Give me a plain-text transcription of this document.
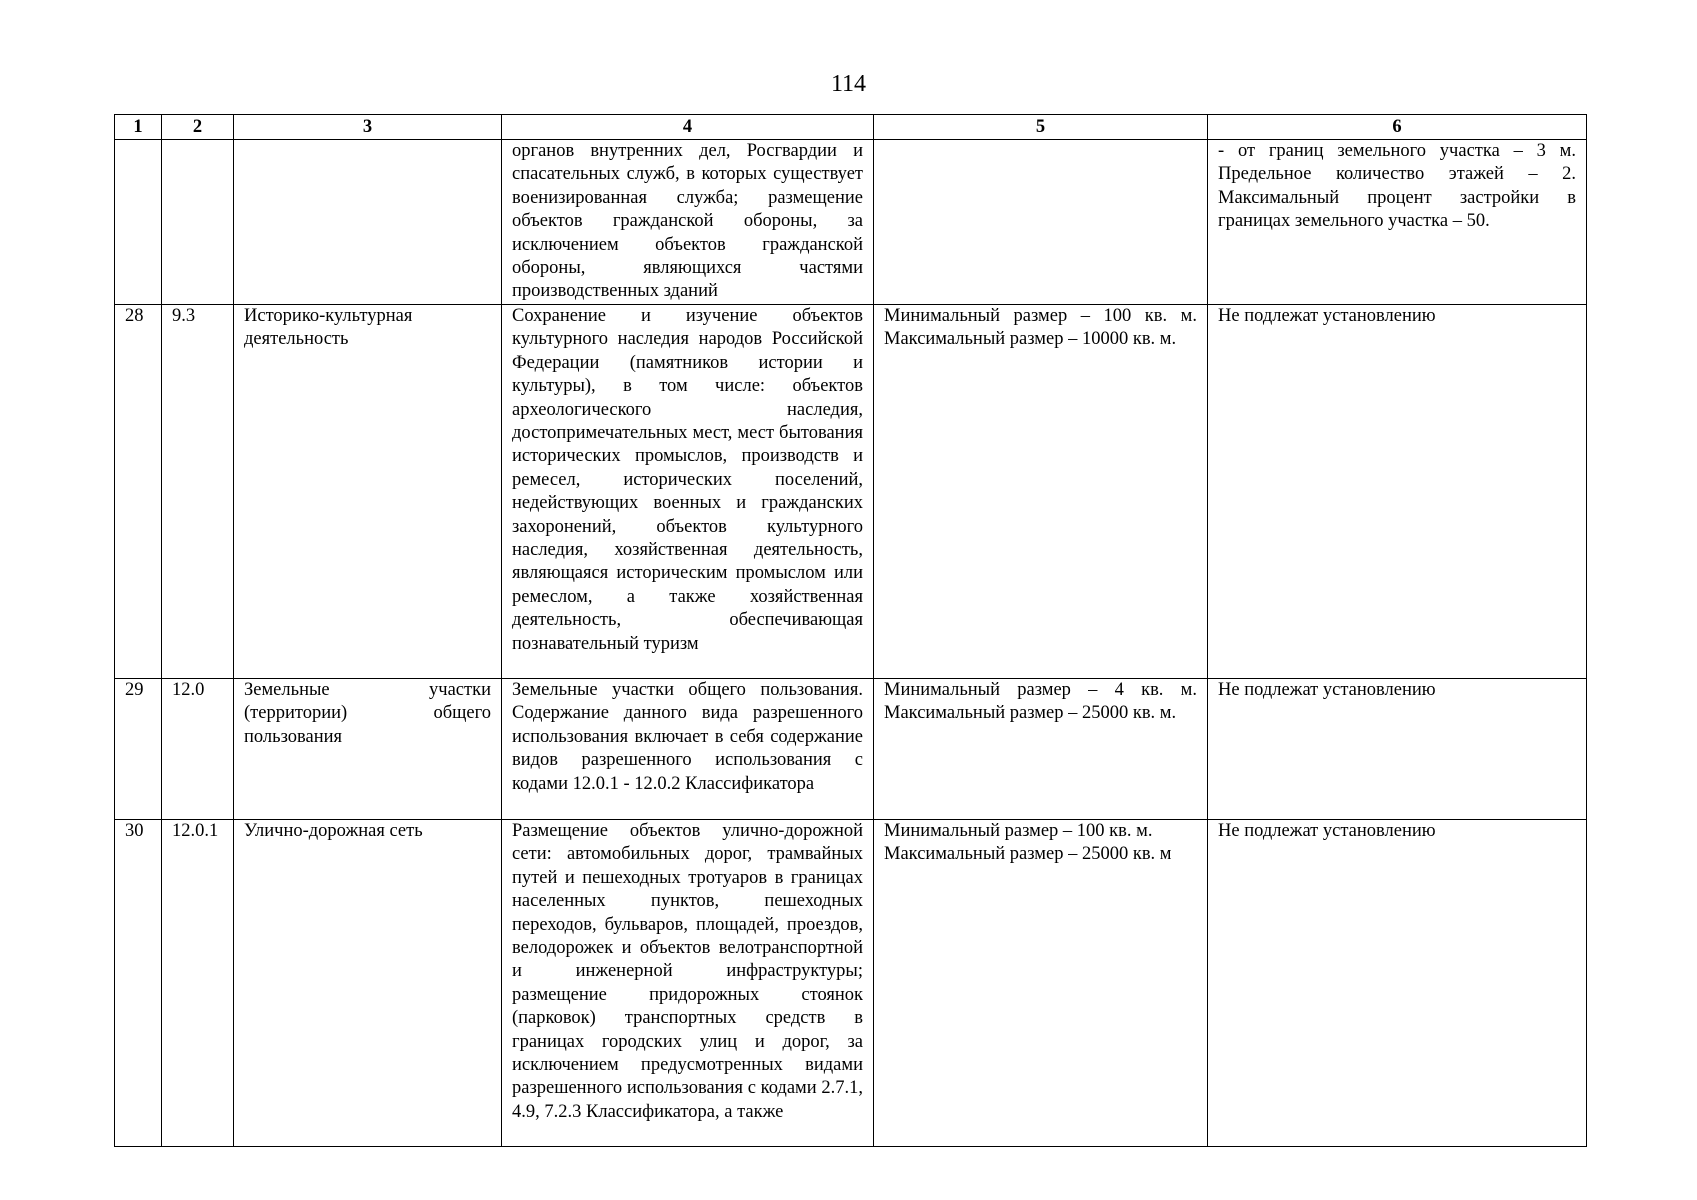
114
1	2	3	4	5	6
			органов внутренних дел, Росгвардии и спасательных служб, в которых существует военизированная служба; размещение объектов гражданской обороны, за исключением объектов гражданской обороны, являющихся частями производственных зданий		- от границ земельного участка – 3 м. Предельное количество этажей – 2. Максимальный процент застройки в границах земельного участка – 50.
28	9.3	Историко-культурная деятельность	Сохранение и изучение объектов культурного наследия народов Российской Федерации (памятников истории и культуры), в том числе: объектов археологического наследия, достопримечательных мест, мест бытования исторических промыслов, производств и ремесел, исторических поселений, недействующих военных и гражданских захоронений, объектов культурного наследия, хозяйственная деятельность, являющаяся историческим промыслом или ремеслом, а также хозяйственная деятельность, обеспечивающая познавательный туризм	Минимальный размер – 100 кв. м. Максимальный размер – 10000 кв. м.	Не подлежат установлению
29	12.0	Земельные участки (территории) общего пользования	Земельные участки общего пользования. Содержание данного вида разрешенного использования включает в себя содержание видов разрешенного использования с кодами 12.0.1 - 12.0.2 Классификатора	Минимальный размер – 4 кв. м. Максимальный размер – 25000 кв. м.	Не подлежат установлению
30	12.0.1	Улично-дорожная сеть	Размещение объектов улично-дорожной сети: автомобильных дорог, трамвайных путей и пешеходных тротуаров в границах населенных пунктов, пешеходных переходов, бульваров, площадей, проездов, велодорожек и объектов велотранспортной и инженерной инфраструктуры; размещение придорожных стоянок (парковок) транспортных средств в границах городских улиц и дорог, за исключением предусмотренных видами разрешенного использования с кодами 2.7.1, 4.9, 7.2.3 Классификатора, а также	Минимальный размер – 100 кв. м. Максимальный размер – 25000 кв. м	Не подлежат установлению
